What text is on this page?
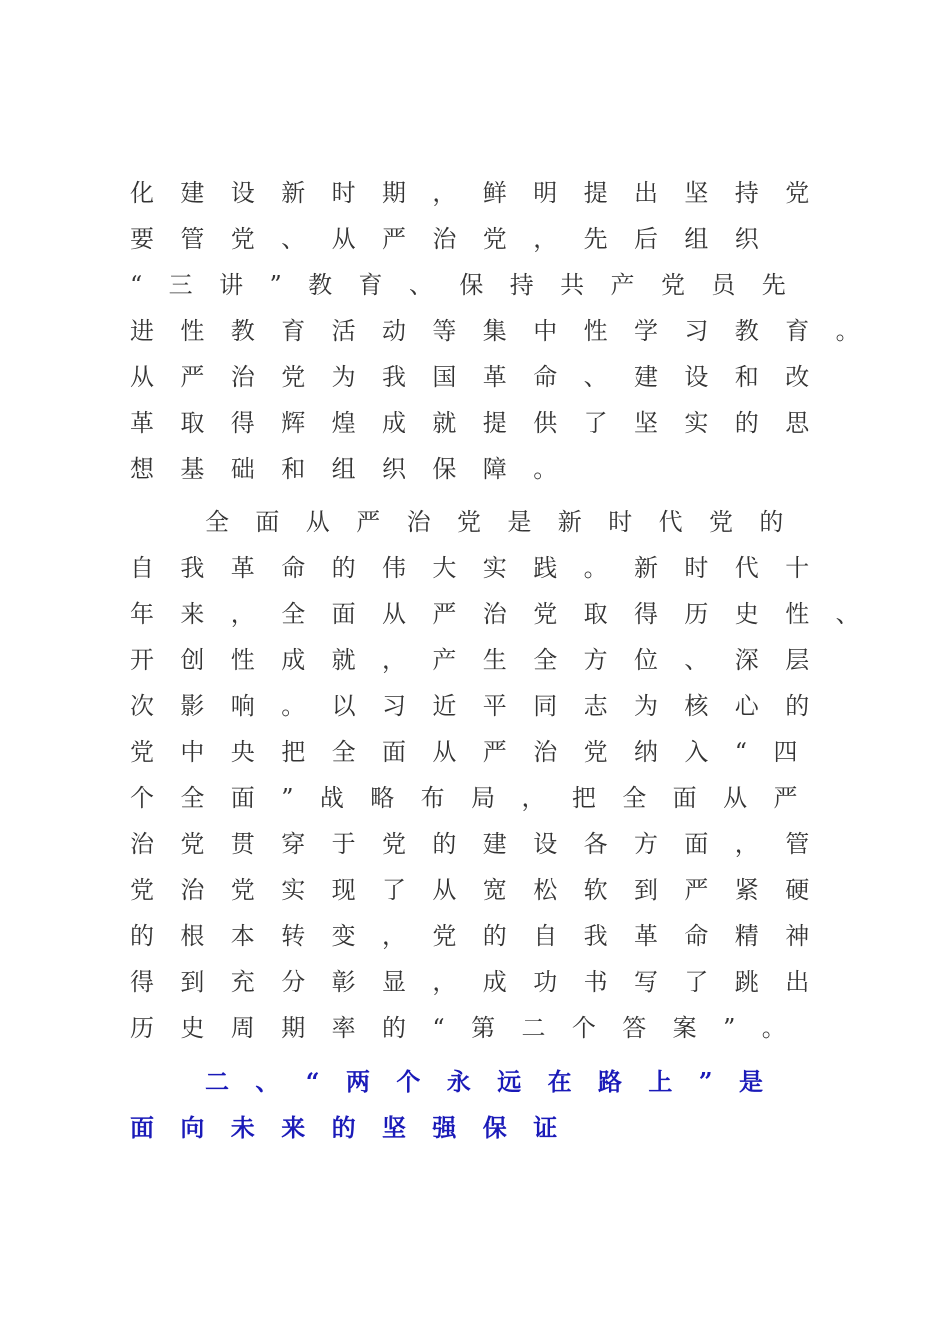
化建设新时期，鲜明提出坚持党
要管党、从严治党，先后组织
“三讲”教育、保持共产党员先
进性教育活动等集中性学习教育。
从严治党为我国革命、建设和改
革取得辉煌成就提供了坚实的思
想基础和组织保障。
全面从严治党是新时代党的
自我革命的伟大实践。新时代十
年来，全面从严治党取得历史性、
开创性成就，产生全方位、深层
次影响。以习近平同志为核心的
党中央把全面从严治党纳入“四
个全面”战略布局，把全面从严
治党贯穿于党的建设各方面，管
党治党实现了从宽松软到严紧硬
的根本转变，党的自我革命精神
得到充分彰显，成功书写了跳出
历史周期率的“第二个答案”。
二、“两个永远在路上”是
面向未来的坚强保证
